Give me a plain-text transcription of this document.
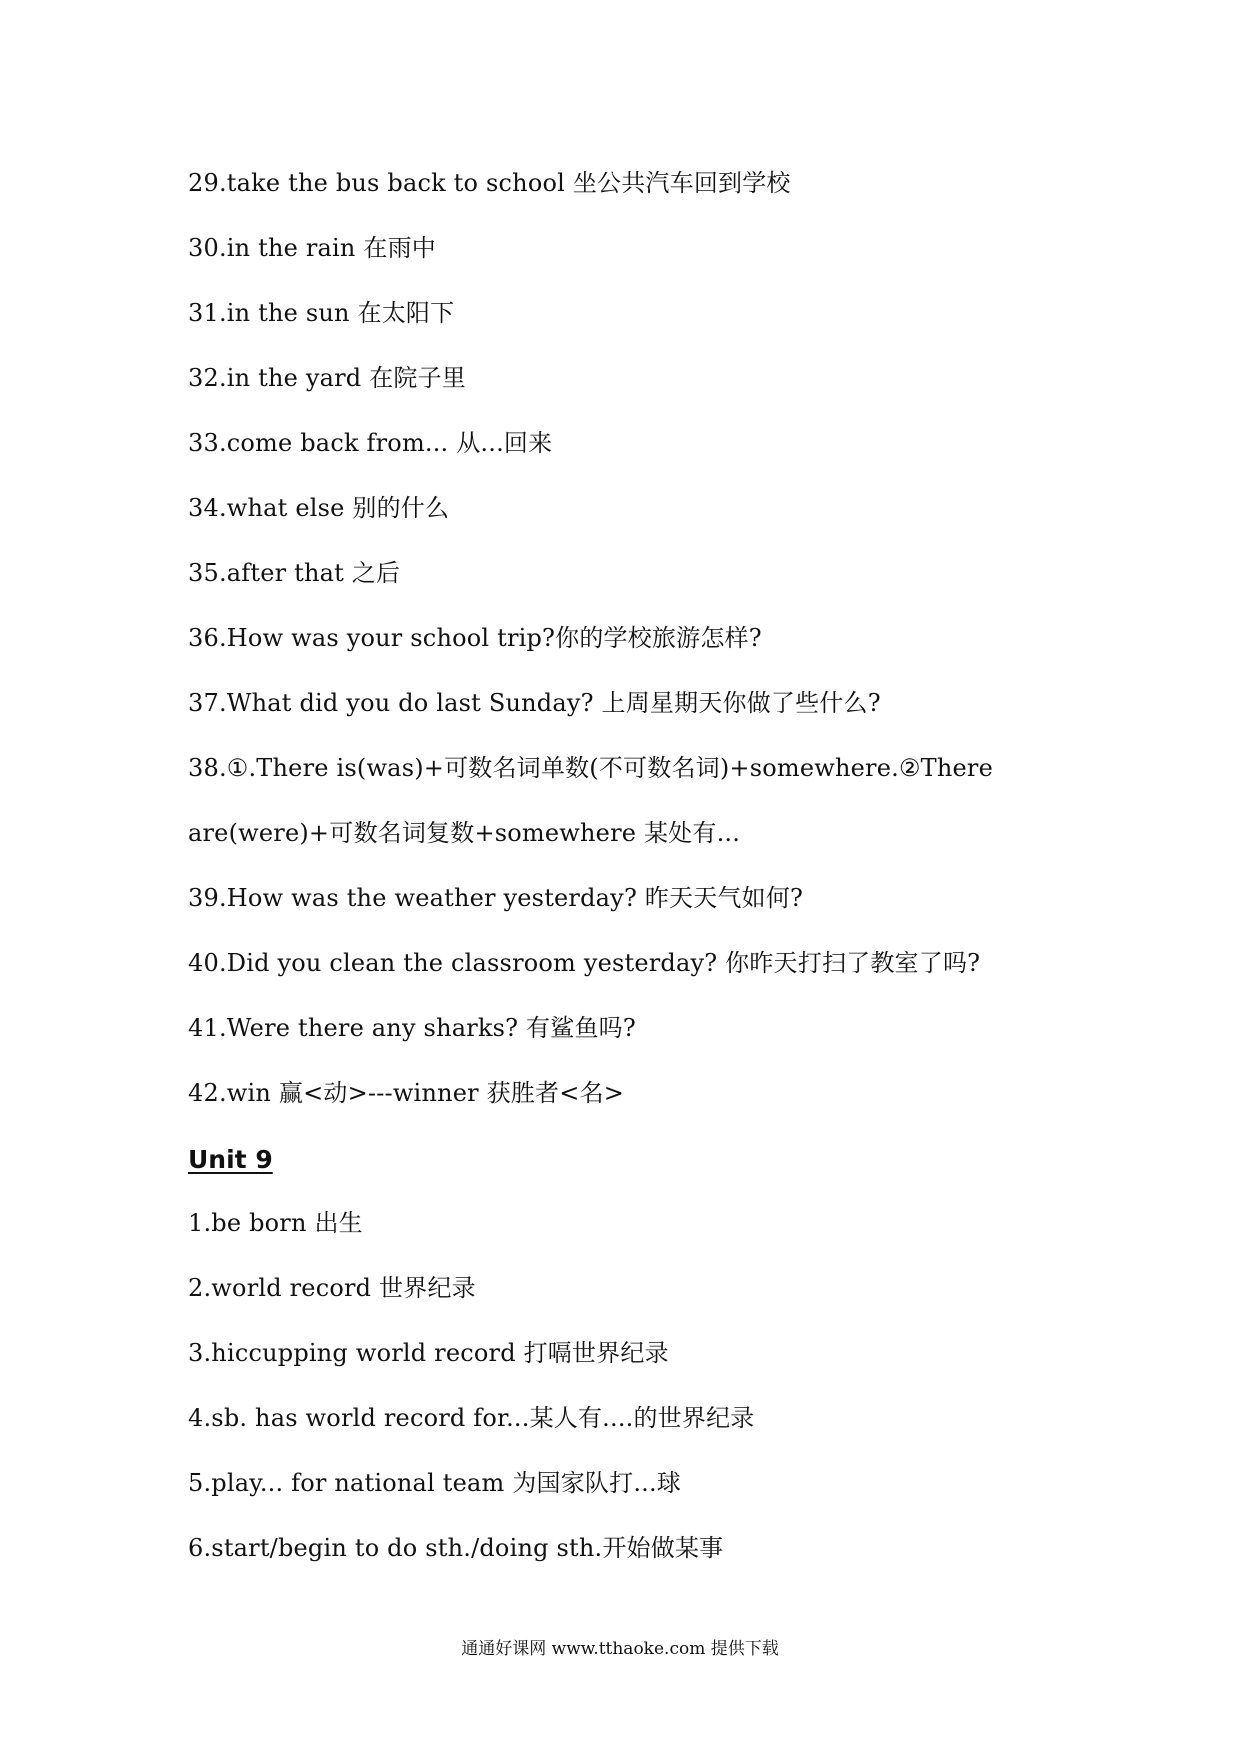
29.take the bus back to school 坐公共汽车回到学校
30.in the rain 在雨中
31.in the sun 在太阳下
32.in the yard 在院子里
33.come back from... 从...回来
34.what else 别的什么
35.after that 之后
36.How was your school trip?你的学校旅游怎样?
37.What did you do last Sunday? 上周星期天你做了些什么?
38.①.There is(was)+可数名词单数(不可数名词)+somewhere.②There
are(were)+可数名词复数+somewhere 某处有...
39.How was the weather yesterday? 昨天天气如何?
40.Did you clean the classroom yesterday? 你昨天打扫了教室了吗?
41.Were there any sharks? 有鲨鱼吗?
42.win 赢<动>---winner 获胜者<名>
Unit 9
1.be born 出生
2.world record 世界纪录
3.hiccupping world record 打嗝世界纪录
4.sb. has world record for...某人有....的世界纪录
5.play... for national team 为国家队打...球
6.start/begin to do sth./doing sth.开始做某事
通通好课网 www.tthaoke.com 提供下载
